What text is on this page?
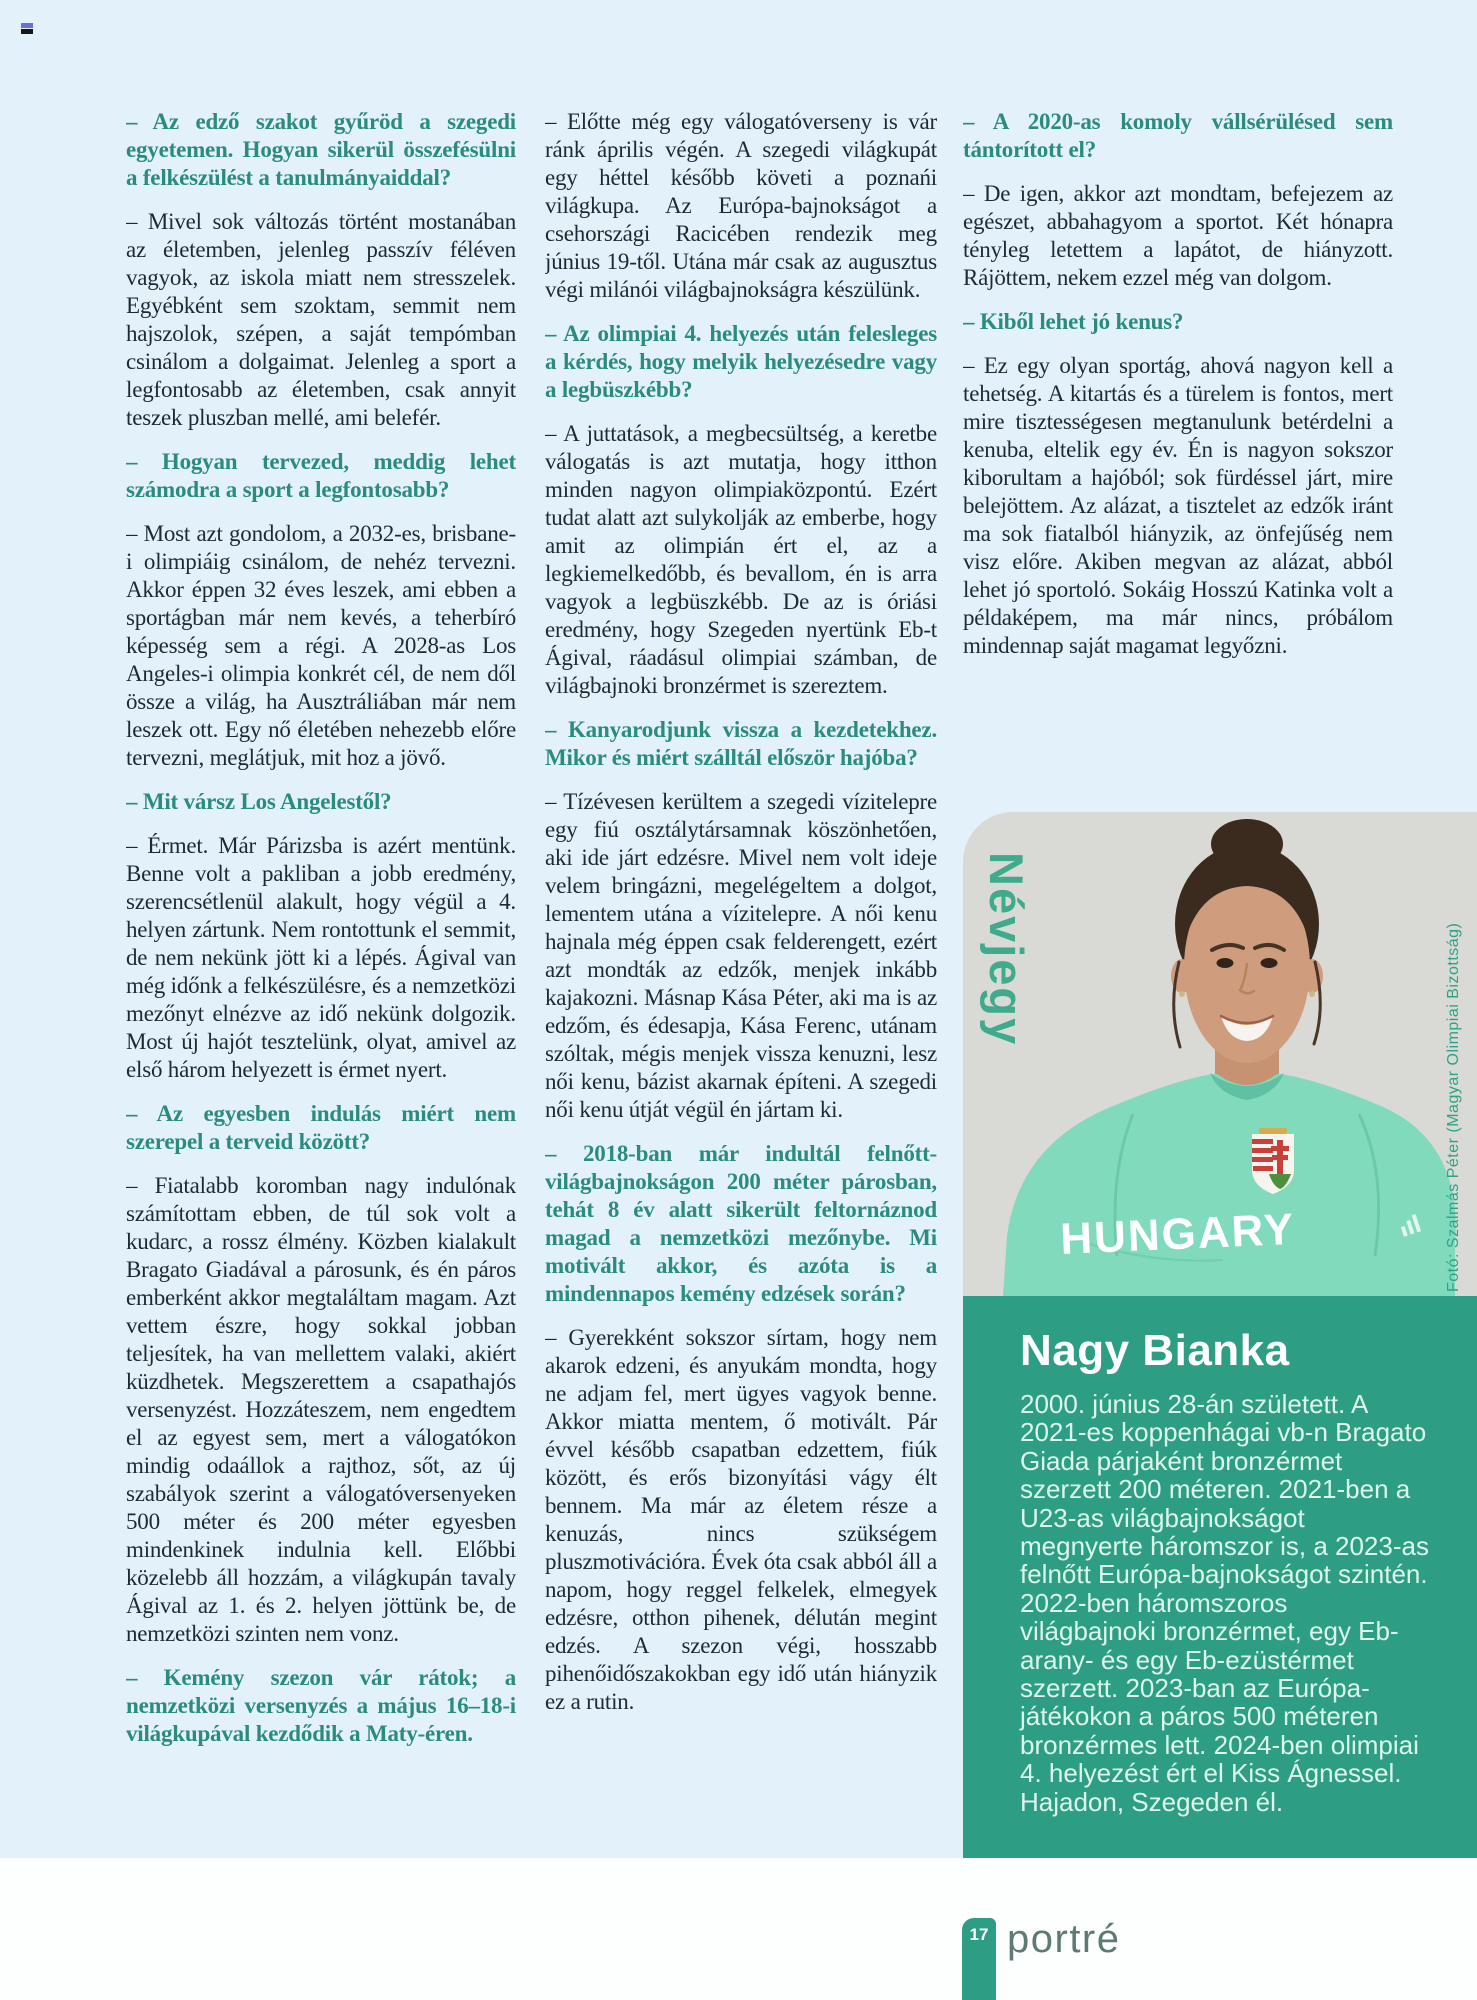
– Az edző szakot gyűröd a szegedi egyetemen. Hogyan sikerül összefésülni a felkészülést a tanulmányaiddal?

– Mivel sok változás történt mostanában az életemben, jelenleg passzív féléven vagyok, az iskola miatt nem stresszelek. Egyébként sem szoktam, semmit nem hajszolok, szépen, a saját tempómban csinálom a dolgaimat. Jelenleg a sport a legfontosabb az életemben, csak annyit teszek pluszban mellé, ami belefér.

– Hogyan tervezed, meddig lehet számodra a sport a legfontosabb?

– Most azt gondolom, a 2032-es, brisbane-i olimpiáig csinálom, de nehéz tervezni. Akkor éppen 32 éves leszek, ami ebben a sportágban már nem kevés, a teherbíró képesség sem a régi. A 2028-as Los Angeles-i olimpia konkrét cél, de nem dől össze a világ, ha Ausztráliában már nem leszek ott. Egy nő életében nehezebb előre tervezni, meglátjuk, mit hoz a jövő.

– Mit vársz Los Angelestől?

– Érmet. Már Párizsba is azért mentünk. Benne volt a pakliban a jobb eredmény, szerencsétlenül alakult, hogy végül a 4. helyen zártunk. Nem rontottunk el semmit, de nem nekünk jött ki a lépés. Ágival van még időnk a felkészülésre, és a nemzetközi mezőnyt elnézve az idő nekünk dolgozik. Most új hajót tesztelünk, olyat, amivel az első három helyezett is érmet nyert.

– Az egyesben indulás miért nem szerepel a terveid között?

– Fiatalabb koromban nagy indulónak számítottam ebben, de túl sok volt a kudarc, a rossz élmény. Közben kialakult Bragato Giadával a párosunk, és én páros emberként akkor megtaláltam magam. Azt vettem észre, hogy sokkal jobban teljesítek, ha van mellettem valaki, akiért küzdhetek. Megszerettem a csapathajós versenyzést. Hozzáteszem, nem engedtem el az egyest sem, mert a válogatókon mindig odaállok a rajthoz, sőt, az új szabályok szerint a válogatóversenyeken 500 méter és 200 méter egyesben mindenkinek indulnia kell. Előbbi közelebb áll hozzám, a világkupán tavaly Ágival az 1. és 2. helyen jöttünk be, de nemzetközi szinten nem vonz.

– Kemény szezon vár rátok; a nemzetközi versenyzés a május 16–18-i világkupával kezdődik a Maty-éren.

– Előtte még egy válogatóverseny is vár ránk április végén. A szegedi világkupát egy héttel később követi a poznańi világkupa. Az Európa-bajnokságot a csehországi Racicében rendezik meg június 19-től. Utána már csak az augusztus végi milánói világbajnokságra készülünk.

– Az olimpiai 4. helyezés után felesleges a kérdés, hogy melyik helyezésedre vagy a legbüszkébb?

– A juttatások, a megbecsültség, a keretbe válogatás is azt mutatja, hogy itthon minden nagyon olimpiaközpontú. Ezért tudat alatt azt sulykolják az emberbe, hogy amit az olimpián ért el, az a legkiemelkedőbb, és bevallom, én is arra vagyok a legbüszkébb. De az is óriási eredmény, hogy Szegeden nyertünk Eb-t Ágival, ráadásul olimpiai számban, de világbajnoki bronzérmet is szereztem.

– Kanyarodjunk vissza a kezdetekhez. Mikor és miért szálltál először hajóba?

– Tízévesen kerültem a szegedi vízitelepre egy fiú osztálytársamnak köszönhetően, aki ide járt edzésre. Mivel nem volt ideje velem bringázni, megelégeltem a dolgot, lementem utána a vízitelepre. A női kenu hajnala még éppen csak felderengett, ezért azt mondták az edzők, menjek inkább kajakozni. Másnap Kása Péter, aki ma is az edzőm, és édesapja, Kása Ferenc, utánam szóltak, mégis menjek vissza kenuzni, lesz női kenu, bázist akarnak építeni. A szegedi női kenu útját végül én jártam ki.

– 2018-ban már indultál felnőtt-világbajnokságon 200 méter párosban, tehát 8 év alatt sikerült feltornáznod magad a nemzetközi mezőnybe. Mi motivált akkor, és azóta is a mindennapos kemény edzések során?

– Gyerekként sokszor sírtam, hogy nem akarok edzeni, és anyukám mondta, hogy ne adjam fel, mert ügyes vagyok benne. Akkor miatta mentem, ő motivált. Pár évvel később csapatban edzettem, fiúk között, és erős bizonyítási vágy élt bennem. Ma már az életem része a kenuzás, nincs szükségem pluszmotivációra. Évek óta csak abból áll a napom, hogy reggel felkelek, elmegyek edzésre, otthon pihenek, délután megint edzés. A szezon végi, hosszabb pihenőidőszakokban egy idő után hiányzik ez a rutin.

– A 2020-as komoly vállsérülésed sem tántorított el?

– De igen, akkor azt mondtam, befejezem az egészet, abbahagyom a sportot. Két hónapra tényleg letettem a lapátot, de hiányzott. Rájöttem, nekem ezzel még van dolgom.

– Kiből lehet jó kenus?

– Ez egy olyan sportág, ahová nagyon kell a tehetség. A kitartás és a türelem is fontos, mert mire tisztességesen megtanulunk betérdelni a kenuba, eltelik egy év. Én is nagyon sokszor kiborultam a hajóból; sok fürdéssel járt, mire belejöttem. Az alázat, a tisztelet az edzők iránt ma sok fiatalból hiányzik, az önfejűség nem visz előre. Akiben megvan az alázat, abból lehet jó sportoló. Sokáig Hosszú Katinka volt a példaképem, ma már nincs, próbálom mindennap saját magamat legyőzni.

HUNGARY
Névjegy	Fotó: Szalmás Péter (Magyar Olimpiai Bizottság)
Nagy Bianka
2000. június 28-án született. A 2021-es koppenhágai vb-n Bragato Giada párjaként bronzérmet szerzett 200 méteren. 2021-ben a U23-as világbajnokságot megnyerte háromszor is, a 2023-as felnőtt Európa-bajnokságot szintén. 2022-ben háromszoros világbajnoki bronzérmet, egy Eb-arany- és egy Eb-ezüstérmet szerzett. 2023-ban az Európa-játékokon a páros 500 méteren bronzérmes lett. 2024-ben olimpiai 4. helyezést ért el Kiss Ágnessel. Hajadon, Szegeden él.
17 portré
